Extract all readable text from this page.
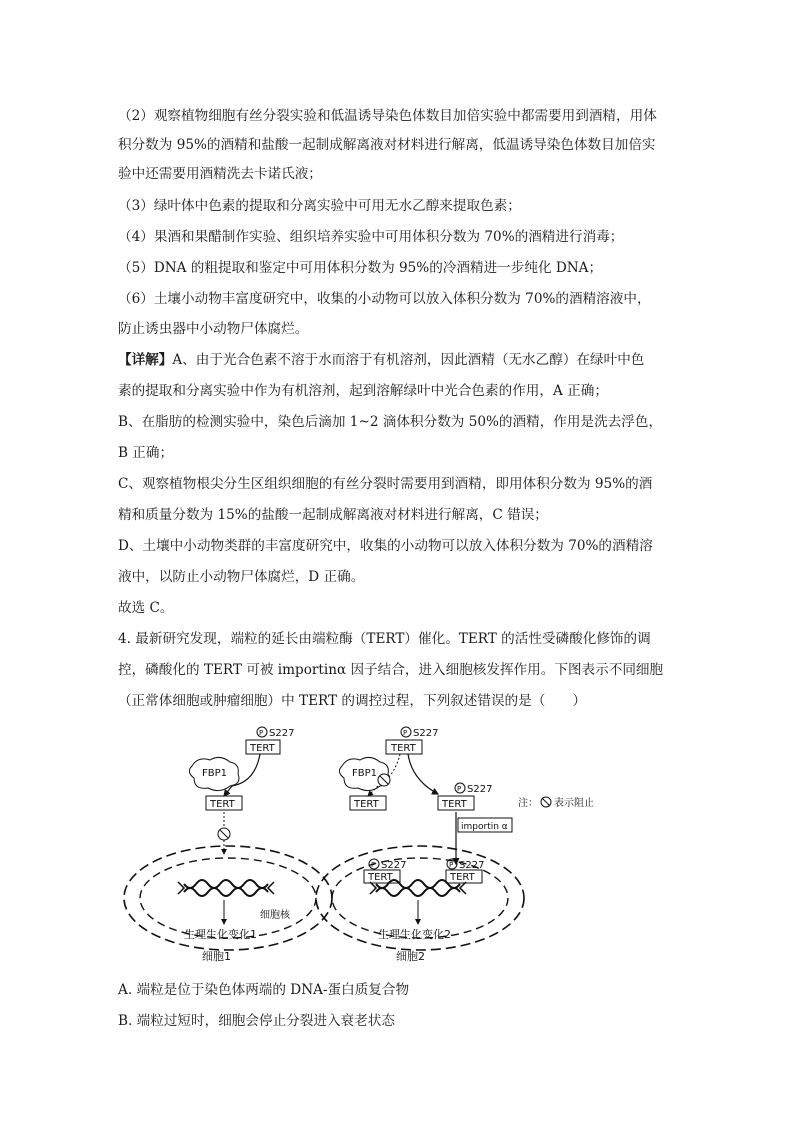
（2）观察植物细胞有丝分裂实验和低温诱导染色体数目加倍实验中都需要用到酒精，用体
积分数为 95%的酒精和盐酸一起制成解离液对材料进行解离，低温诱导染色体数目加倍实
验中还需要用酒精洗去卡诺氏液；
（3）绿叶体中色素的提取和分离实验中可用无水乙醇来提取色素；
（4）果酒和果醋制作实验、组织培养实验中可用体积分数为 70%的酒精进行消毒；
（5）DNA 的粗提取和鉴定中可用体积分数为 95%的冷酒精进一步纯化 DNA；
（6）土壤小动物丰富度研究中，收集的小动物可以放入体积分数为 70%的酒精溶液中，
防止诱虫器中小动物尸体腐烂。
【详解】A、由于光合色素不溶于水而溶于有机溶剂，因此酒精（无水乙醇）在绿叶中色
素的提取和分离实验中作为有机溶剂，起到溶解绿叶中光合色素的作用，A 正确；
B、在脂肪的检测实验中，染色后滴加 1~2 滴体积分数为 50%的酒精，作用是洗去浮色，
B 正确；
C、观察植物根尖分生区组织细胞的有丝分裂时需要用到酒精，即用体积分数为 95%的酒
精和质量分数为 15%的盐酸一起制成解离液对材料进行解离，C 错误；
D、土壤中小动物类群的丰富度研究中，收集的小动物可以放入体积分数为 70%的酒精溶
液中，以防止小动物尸体腐烂，D 正确。
故选 C。
4. 最新研究发现，端粒的延长由端粒酶（TERT）催化。TERT 的活性受磷酸化修饰的调
控，磷酸化的 TERT 可被 importinα 因子结合，进入细胞核发挥作用。下图表示不同细胞
（正常体细胞或肿瘤细胞）中 TERT 的调控过程，下列叙述错误的是（　　）
P S227
TERT
FBP1
TERT
生理生化变化1
细胞核
细胞1
P S227
TERT
FBP1
TERT
P S227
TERT
importin α
注： 表示阻止
P S227
TERT
P S227
TERT
生理生化变化2
细胞2
A. 端粒是位于染色体两端的 DNA-蛋白质复合物
B. 端粒过短时，细胞会停止分裂进入衰老状态
